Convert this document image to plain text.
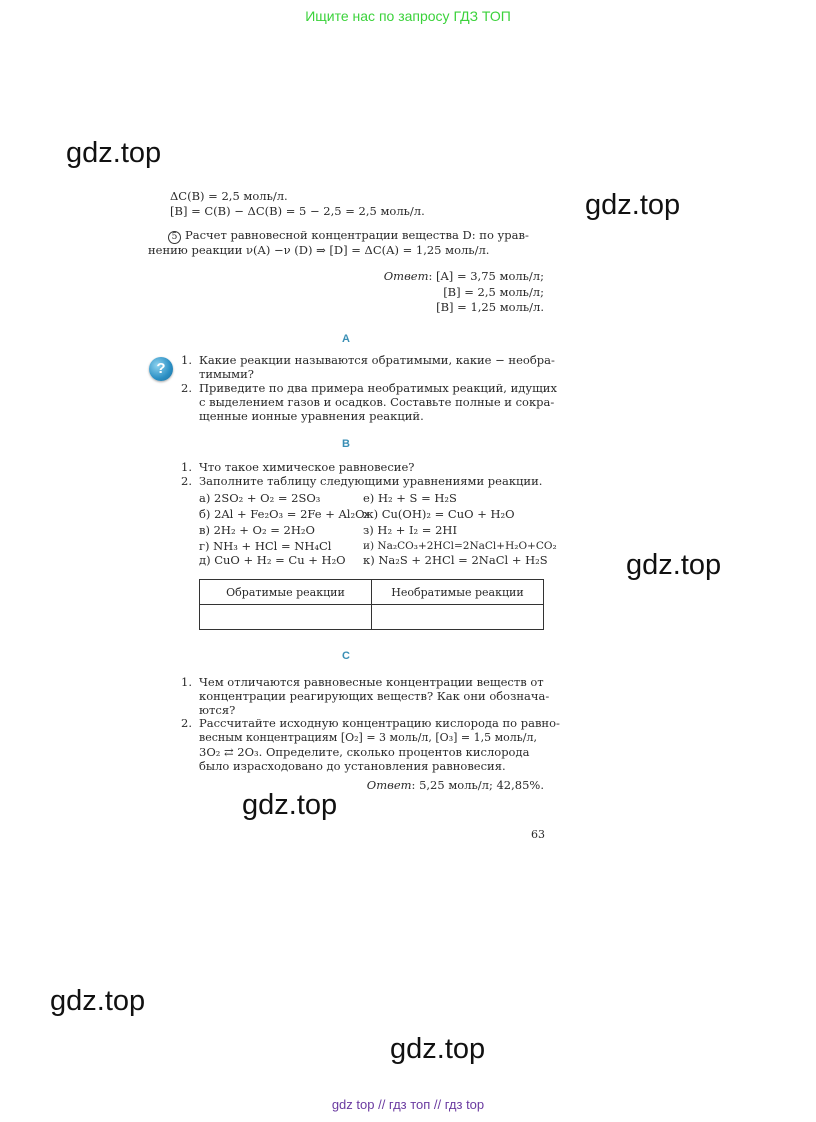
Ищите нас по запросу ГДЗ ТОП
gdz.top
gdz.top
gdz.top
gdz.top
gdz.top
gdz.top
ΔC(B) = 2,5 моль/л.
[B] = C(B) − ΔC(B) = 5 − 2,5 = 2,5 моль/л.
5 Расчет равновесной концентрации вещества D: по урав-
нению реакции ν(A) −ν (D) ⇒ [D] = ΔC(A) = 1,25 моль/л.
Ответ: [A] = 3,75 моль/л;
[B] = 2,5 моль/л;
[B] = 1,25 моль/л.
A
?	1. Какие реакции называются обратимыми, какие − необра-
тимыми?
2. Приведите по два примера необратимых реакций, идущих
с выделением газов и осадков. Составьте полные и сокра-
щенные ионные уравнения реакций.
B
1. Что такое химическое равновесие?
2. Заполните таблицу следующими уравнениями реакции.
а) 2SO₂ + O₂ = 2SO₃
б) 2Al + Fe₂O₃ = 2Fe + Al₂O₃
в) 2H₂ + O₂ = 2H₂O
г) NH₃ + HCl = NH₄Cl
д) CuO + H₂ = Cu + H₂O
е) H₂ + S = H₂S
ж) Cu(OH)₂ = CuO + H₂O
з) H₂ + I₂ = 2HI
и) Na₂CO₃+2HCl=2NaCl+H₂O+CO₂
к) Na₂S + 2HCl = 2NaCl + H₂S
Обратимые реакции	Необратимые реакции

C
1. Чем отличаются равновесные концентрации веществ от
концентрации реагирующих веществ? Как они обознача-
ются?
2. Рассчитайте исходную концентрацию кислорода по равно-
весным концентрациям [O₂] = 3 моль/л, [O₃] = 1,5 моль/л,
3O₂ ⇄ 2O₃. Определите, сколько процентов кислорода
было израсходовано до установления равновесия.
Ответ: 5,25 моль/л; 42,85%.
63
gdz top // гдз топ // гдз top
